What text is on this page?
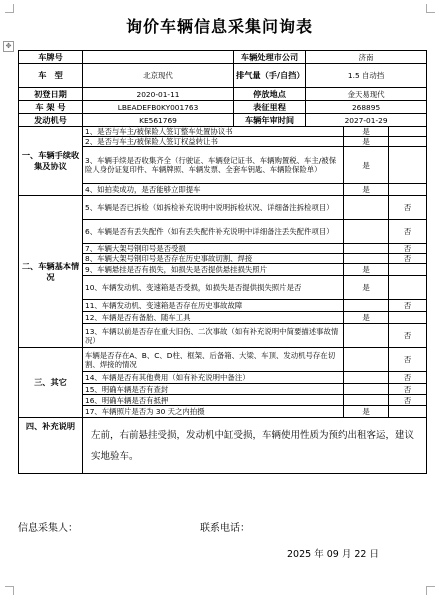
询价车辆信息采集问询表
✥
车牌号		车辆处理市公司	济南		
车　型	北京现代	排气量（手/自挡）	1.5 自动挡		
初登日期	2020-01-11	停放地点	金天易现代		
车 架 号	LBEADEFB0KY001763	表征里程	268895		
发动机号	KE561769	车辆年审时间	2027-01-29		
一、车辆手续收集及协议	1、是否与车主/被保险人签订整车处置协议书			是	
	2、是否与车主/被保险人签订权益转让书			是	
	3、车辆手续是否收集齐全（行驶证、车辆登记证书、车辆购置税、车主/被保险人身份证复印件、车辆牌照、车辆发票、全套车钥匙、车辆险保险单）			是	
	4、如拍卖成功，是否能够立即提车			是	
二、车辆基本情况	5、车辆是否已拆检（如拆检补充说明中说明拆检状况、详细备注拆检项目）				否
	6、车辆是否有丢失配件（如有丢失配件补充说明中详细备注丢失配件项目）				否
	7、车辆大架号钢印号是否受损				否
	8、车辆大架号钢印号是否存在历史事故切割、焊接				否
	9、车辆悬挂是否有损失，如损失是否提供悬挂损失照片			是	
	10、车辆发动机、变速箱是否受损，如损失是否提供损失照片是否			是	
	11、车辆发动机、变速箱是否存在历史事故故障				否
	12、车辆是否有备胎、随车工具			是	
	13、车辆以前是否存在重大旧伤、二次事故（如有补充说明中简要描述事故情况）				否
三、其它	车辆是否存在A、B、C、D柱、框架、后备箱、大梁、车顶、发动机号存在切割、焊接的情况				否
	14、车辆是否有其他费用（如有补充说明中备注）				否
	15、明确车辆是否有查封				否
	16、明确车辆是否有抵押				否
	17、车辆照片是否为 30 天之内拍摄			是	
四、补充说明	左前，右前悬挂受损，发动机中缸受损，车辆使用性质为预约出租客运，建议实地验车。				
信息采集人：	联系电话：
2025 年 09 月 22 日
